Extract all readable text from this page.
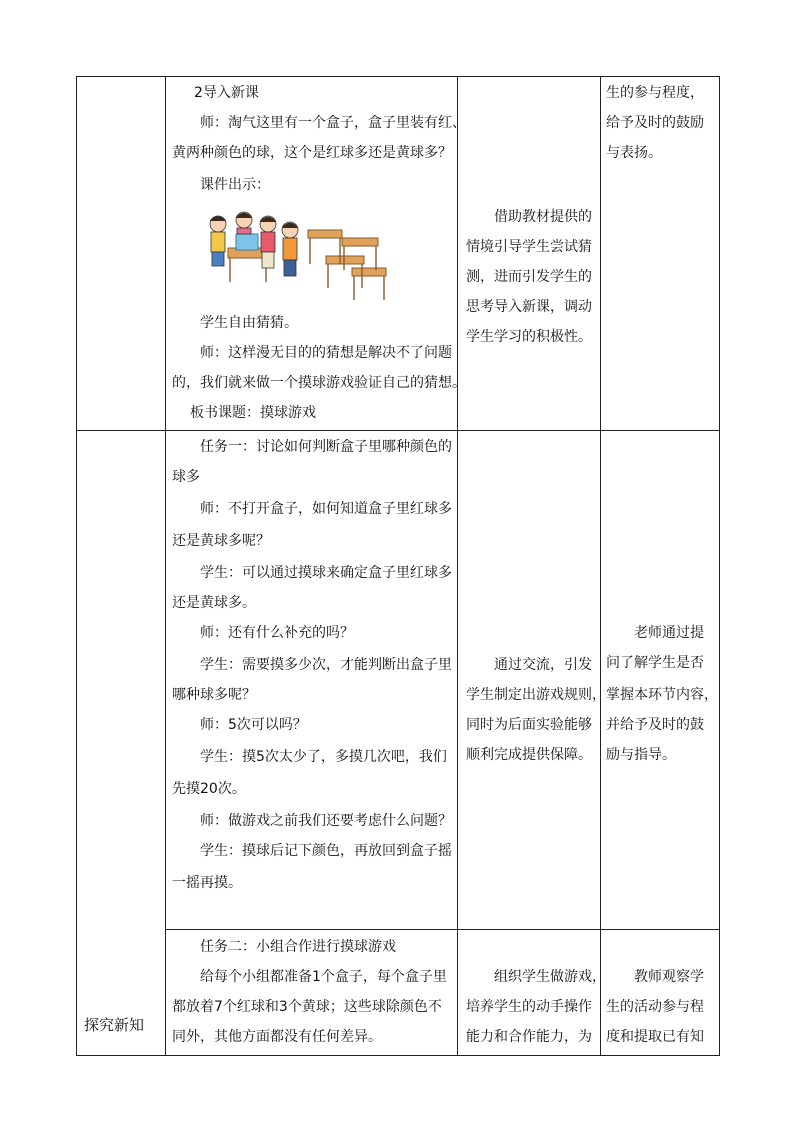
2导入新课
师：淘气这里有一个盒子，盒子里装有红、
黄两种颜色的球，这个是红球多还是黄球多？
课件出示：
学生自由猜猜。
师：这样漫无目的的猜想是解决不了问题
的，我们就来做一个摸球游戏验证自己的猜想。
板书课题：摸球游戏
借助教材提供的
情境引导学生尝试猜
测，进而引发学生的
思考导入新课，调动
学生学习的积极性。
生的参与程度，
给予及时的鼓励
与表扬。
任务一：讨论如何判断盒子里哪种颜色的
球多
师：不打开盒子，如何知道盒子里红球多
还是黄球多呢？
学生：可以通过摸球来确定盒子里红球多
还是黄球多。
师：还有什么补充的吗？
学生：需要摸多少次，才能判断出盒子里
哪种球多呢？
师：5次可以吗？
学生：摸5次太少了，多摸几次吧，我们
先摸20次。
师：做游戏之前我们还要考虑什么问题？
学生：摸球后记下颜色，再放回到盒子摇
一摇再摸。
通过交流，引发
学生制定出游戏规则，
同时为后面实验能够
顺利完成提供保障。
老师通过提
问了解学生是否
掌握本环节内容，
并给予及时的鼓
励与指导。
任务二：小组合作进行摸球游戏
给每个小组都准备1个盒子，每个盒子里
都放着7个红球和3个黄球；这些球除颜色不
同外，其他方面都没有任何差异。
组织学生做游戏，
培养学生的动手操作
能力和合作能力，为
教师观察学
生的活动参与程
度和提取已有知
探究新知
